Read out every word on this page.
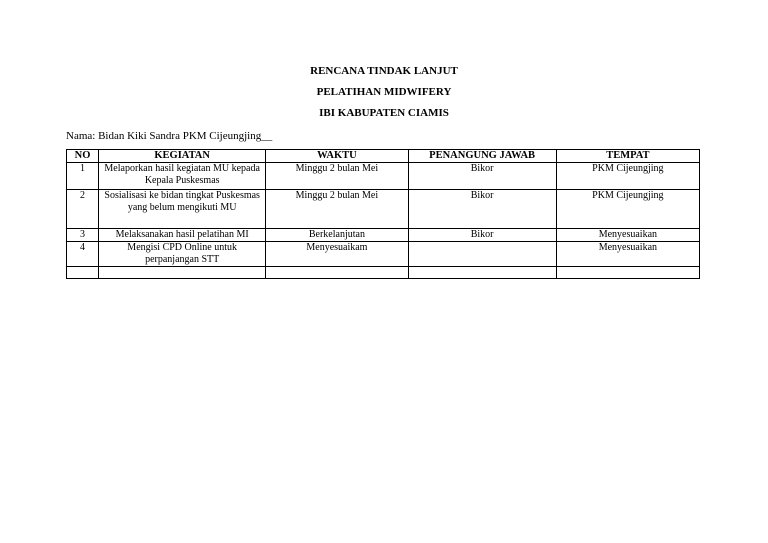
RENCANA TINDAK LANJUT
PELATIHAN MIDWIFERY
IBI KABUPATEN CIAMIS
Nama: Bidan Kiki Sandra PKM Cijeungjing__
NO	KEGIATAN	WAKTU	PENANGUNG JAWAB	TEMPAT
1	Melaporkan hasil kegiatan MU kepada Kepala Puskesmas	Minggu 2 bulan Mei	Bikor	PKM Cijeungjing
2	Sosialisasi ke bidan tingkat Puskesmas yang belum mengikuti MU	Minggu 2 bulan Mei	Bikor	PKM Cijeungjing
3	Melaksanakan hasil pelatihan MI	Berkelanjutan	Bikor	Menyesuaikan
4	Mengisi CPD Online untuk perpanjangan STT	Menyesuaikam		Menyesuaikan
